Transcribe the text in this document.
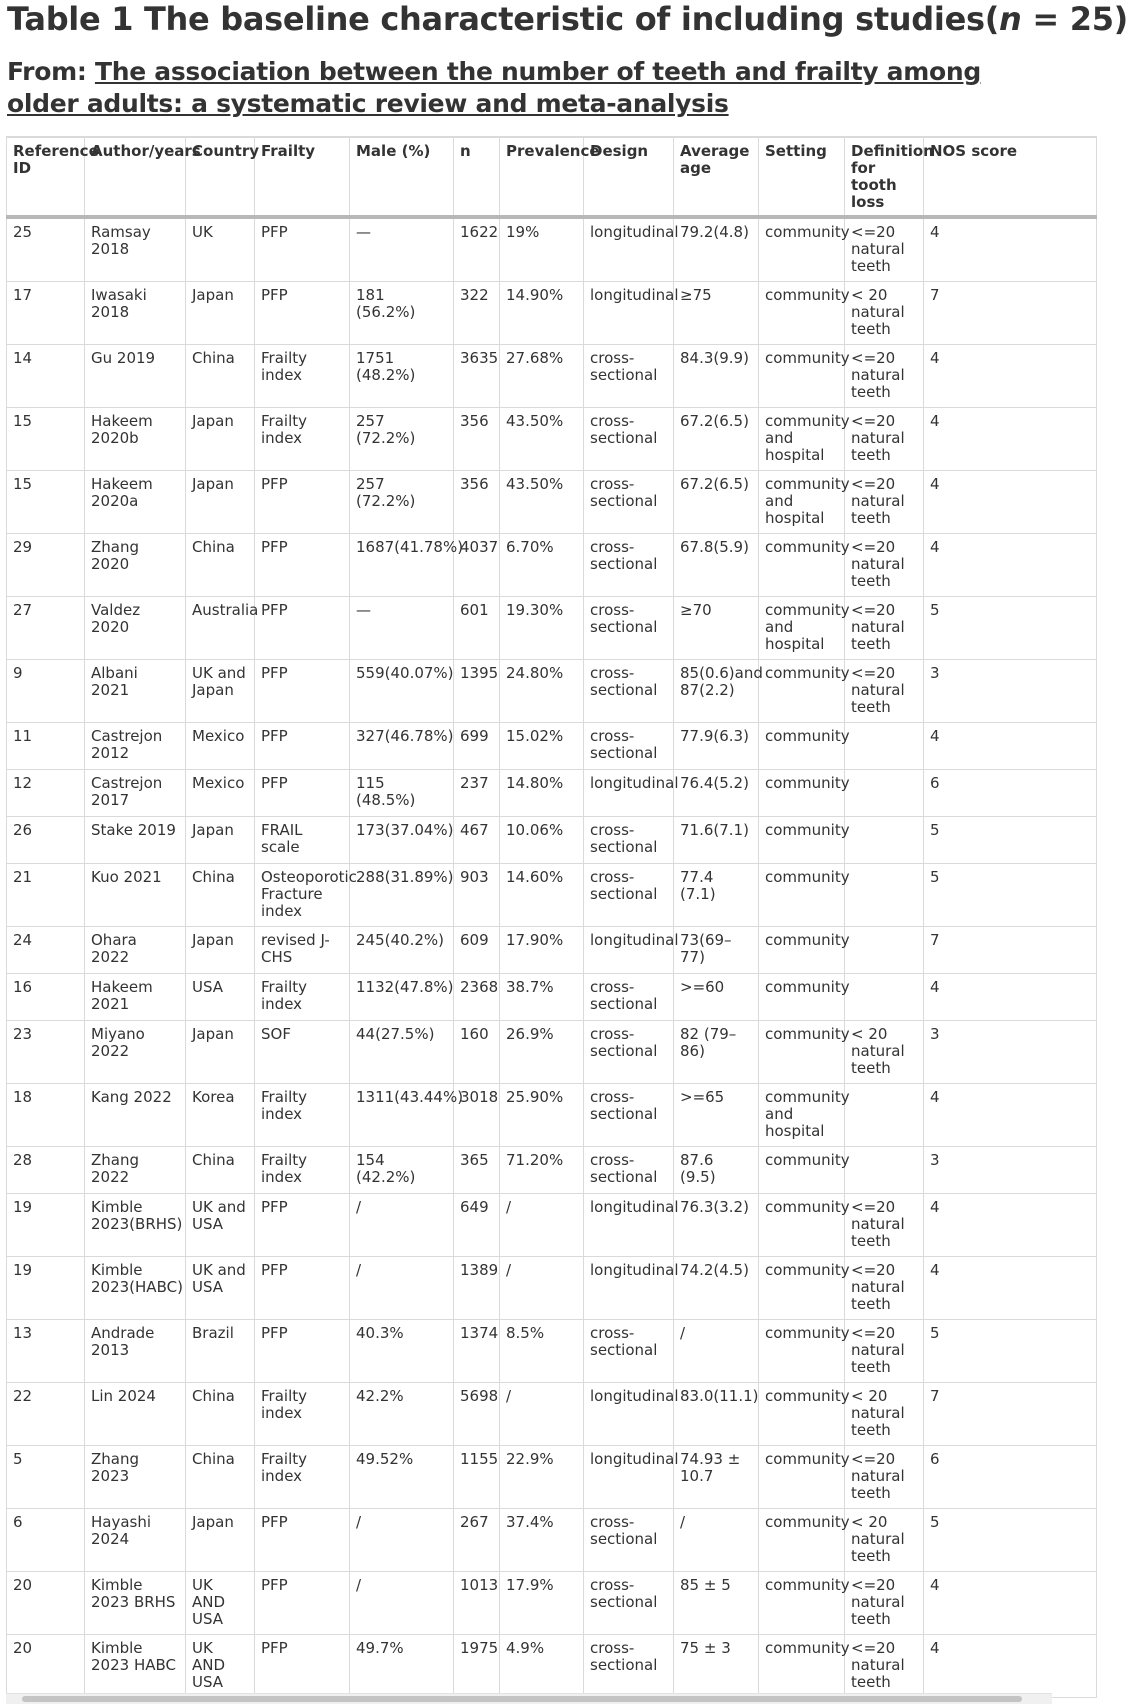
Table 1 The baseline characteristic of including studies(n = 25)

From: The association between the number of teeth and frailty among older adults: a systematic review and meta-analysis

Reference ID	Author/years	Country	Frailty	Male (%)	n	Prevalence	Design	Average age	Setting	Definition for tooth loss	NOS score
25	Ramsay 2018	UK	PFP	—	1622	19%	longitudinal	79.2(4.8)	community	<=20 natural teeth	4
17	Iwasaki 2018	Japan	PFP	181 (56.2%)	322	14.90%	longitudinal	≥75	community	< 20 natural teeth	7
14	Gu 2019	China	Frailty index	1751 (48.2%)	3635	27.68%	cross-sectional	84.3(9.9)	community	<=20 natural teeth	4
15	Hakeem 2020b	Japan	Frailty index	257 (72.2%)	356	43.50%	cross-sectional	67.2(6.5)	community and hospital	<=20 natural teeth	4
15	Hakeem 2020a	Japan	PFP	257 (72.2%)	356	43.50%	cross-sectional	67.2(6.5)	community and hospital	<=20 natural teeth	4
29	Zhang 2020	China	PFP	1687(41.78%)	4037	6.70%	cross-sectional	67.8(5.9)	community	<=20 natural teeth	4
27	Valdez 2020	Australia	PFP	—	601	19.30%	cross-sectional	≥70	community and hospital	<=20 natural teeth	5
9	Albani 2021	UK and Japan	PFP	559(40.07%)	1395	24.80%	cross-sectional	85(0.6)and 87(2.2)	community	<=20 natural teeth	3
11	Castrejon 2012	Mexico	PFP	327(46.78%)	699	15.02%	cross-sectional	77.9(6.3)	community		4
12	Castrejon 2017	Mexico	PFP	115 (48.5%)	237	14.80%	longitudinal	76.4(5.2)	community		6
26	Stake 2019	Japan	FRAIL scale	173(37.04%)	467	10.06%	cross-sectional	71.6(7.1)	community		5
21	Kuo 2021	China	Osteoporotic Fracture index	288(31.89%)	903	14.60%	cross-sectional	77.4 (7.1)	community		5
24	Ohara 2022	Japan	revised J-CHS	245(40.2%)	609	17.90%	longitudinal	73(69–77)	community		7
16	Hakeem 2021	USA	Frailty index	1132(47.8%)	2368	38.7%	cross-sectional	>=60	community		4
23	Miyano 2022	Japan	SOF	44(27.5%)	160	26.9%	cross-sectional	82 (79–86)	community	< 20 natural teeth	3
18	Kang 2022	Korea	Frailty index	1311(43.44%)	3018	25.90%	cross-sectional	>=65	community and hospital		4
28	Zhang 2022	China	Frailty index	154 (42.2%)	365	71.20%	cross-sectional	87.6 (9.5)	community		3
19	Kimble 2023(BRHS)	UK and USA	PFP	/	649	/	longitudinal	76.3(3.2)	community	<=20 natural teeth	4
19	Kimble 2023(HABC)	UK and USA	PFP	/	1389	/	longitudinal	74.2(4.5)	community	<=20 natural teeth	4
13	Andrade 2013	Brazil	PFP	40.3%	1374	8.5%	cross-sectional	/	community	<=20 natural teeth	5
22	Lin 2024	China	Frailty index	42.2%	5698	/	longitudinal	83.0(11.1)	community	< 20 natural teeth	7
5	Zhang 2023	China	Frailty index	49.52%	1155	22.9%	longitudinal	74.93 ± 10.7	community	<=20 natural teeth	6
6	Hayashi 2024	Japan	PFP	/	267	37.4%	cross-sectional	/	community	< 20 natural teeth	5
20	Kimble 2023 BRHS	UK AND USA	PFP	/	1013	17.9%	cross-sectional	85 ± 5	community	<=20 natural teeth	4
20	Kimble 2023 HABC	UK AND USA	PFP	49.7%	1975	4.9%	cross-sectional	75 ± 3	community	<=20 natural teeth	4
